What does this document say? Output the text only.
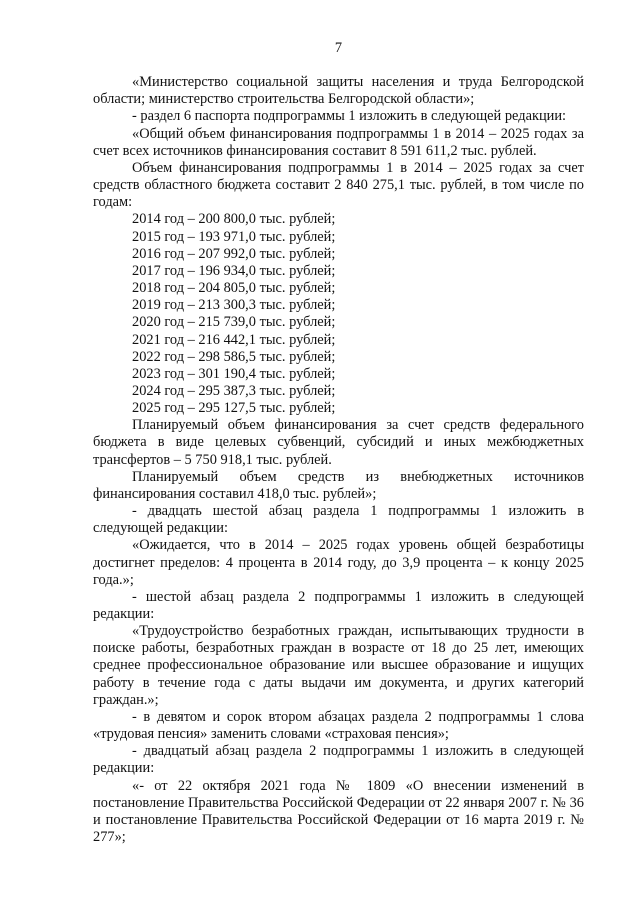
7

«Министерство социальной защиты населения и труда Белгородской области; министерство строительства Белгородской области»;

- раздел 6 паспорта подпрограммы 1 изложить в следующей редакции:

«Общий объем финансирования подпрограммы 1 в 2014 – 2025 годах за счет всех источников финансирования составит 8 591 611,2 тыс. рублей.

Объем финансирования подпрограммы 1 в 2014 – 2025 годах за счет средств областного бюджета составит 2 840 275,1 тыс. рублей, в том числе по годам:

2014 год – 200 800,0 тыс. рублей;

2015 год – 193 971,0 тыс. рублей;

2016 год – 207 992,0 тыс. рублей;

2017 год – 196 934,0 тыс. рублей;

2018 год – 204 805,0 тыс. рублей;

2019 год – 213 300,3 тыс. рублей;

2020 год – 215 739,0 тыс. рублей;

2021 год – 216 442,1 тыс. рублей;

2022 год – 298 586,5 тыс. рублей;

2023 год – 301 190,4 тыс. рублей;

2024 год – 295 387,3 тыс. рублей;

2025 год – 295 127,5 тыс. рублей;

Планируемый объем финансирования за счет средств федерального бюджета в виде целевых субвенций, субсидий и иных межбюджетных трансфертов – 5 750 918,1 тыс. рублей.

Планируемый объем средств из внебюджетных источников финансирования составил 418,0 тыс. рублей»;

- двадцать шестой абзац раздела 1 подпрограммы 1 изложить в следующей редакции:

«Ожидается, что в 2014 – 2025 годах уровень общей безработицы достигнет пределов: 4 процента в 2014 году, до 3,9 процента – к концу 2025 года.»;

- шестой абзац раздела 2 подпрограммы 1 изложить в следующей редакции:

«Трудоустройство безработных граждан, испытывающих трудности в поиске работы, безработных граждан в возрасте от 18 до 25 лет, имеющих среднее профессиональное образование или высшее образование и ищущих работу в течение года с даты выдачи им документа, и других категорий граждан.»;

- в девятом и сорок втором абзацах раздела 2 подпрограммы 1 слова «трудовая пенсия» заменить словами «страховая пенсия»;

- двадцатый абзац раздела 2 подпрограммы 1 изложить в следующей редакции:

«- от 22 октября 2021 года № 1809 «О внесении изменений в постановление Правительства Российской Федерации от 22 января 2007 г. № 36 и постановление Правительства Российской Федерации от 16 марта 2019 г. № 277»;
